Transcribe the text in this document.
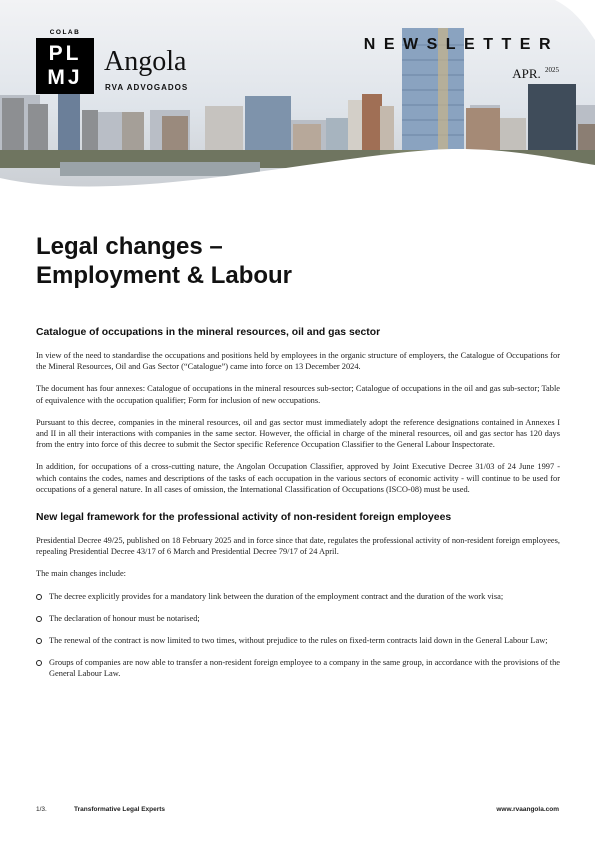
COLAB
PL
MJ
Angola
RVA ADVOGADOS
NEWSLETTER
APR. $^{2025}$
Legal changes –
Employment & Labour
Catalogue of occupations in the mineral resources, oil and gas sector

In view of the need to standardise the occupations and positions held by employees in the organic structure of employers, the Catalogue of Occupations for the Mineral Resources, Oil and Gas Sector (“Catalogue”) came into force on 13 December 2024.

The document has four annexes: Catalogue of occupations in the mineral resources sub-sector; Catalogue of occupations in the oil and gas sub-sector; Table of equivalence with the occupation qualifier; Form for inclusion of new occupations.

Pursuant to this decree, companies in the mineral resources, oil and gas sector must immediately adopt the reference designations contained in Annexes I and II in all their interactions with companies in the same sector. However, the official in charge of the mineral resources, oil and gas sector has 120 days from the entry into force of this decree to submit the Sector specific Reference Occupation Classifier to the General Labour Inspectorate.

In addition, for occupations of a cross-cutting nature, the Angolan Occupation Classifier, approved by Joint Executive Decree 31/03 of 24 June 1997 - which contains the codes, names and descriptions of the tasks of each occupation in the various sectors of economic activity - will continue to be used for occupations of a general nature. In all cases of omission, the International Classification of Occupations (ISCO-08) must be used.

New legal framework for the professional activity of non-resident foreign employees

Presidential Decree 49/25, published on 18 February 2025 and in force since that date, regulates the professional activity of non-resident foreign employees, repealing Presidential Decree 43/17 of 6 March and Presidential Decree 79/17 of 24 April.

The main changes include:

The decree explicitly provides for a mandatory link between the duration of the employment contract and the duration of the work visa;
The declaration of honour must be notarised;
The renewal of the contract is now limited to two times, without prejudice to the rules on fixed-term contracts laid down in the General Labour Law;
Groups of companies are now able to transfer a non-resident foreign employee to a company in the same group, in accordance with the provisions of the General Labour Law.
1/3.	Transformative Legal Experts	www.rvaangola.com
